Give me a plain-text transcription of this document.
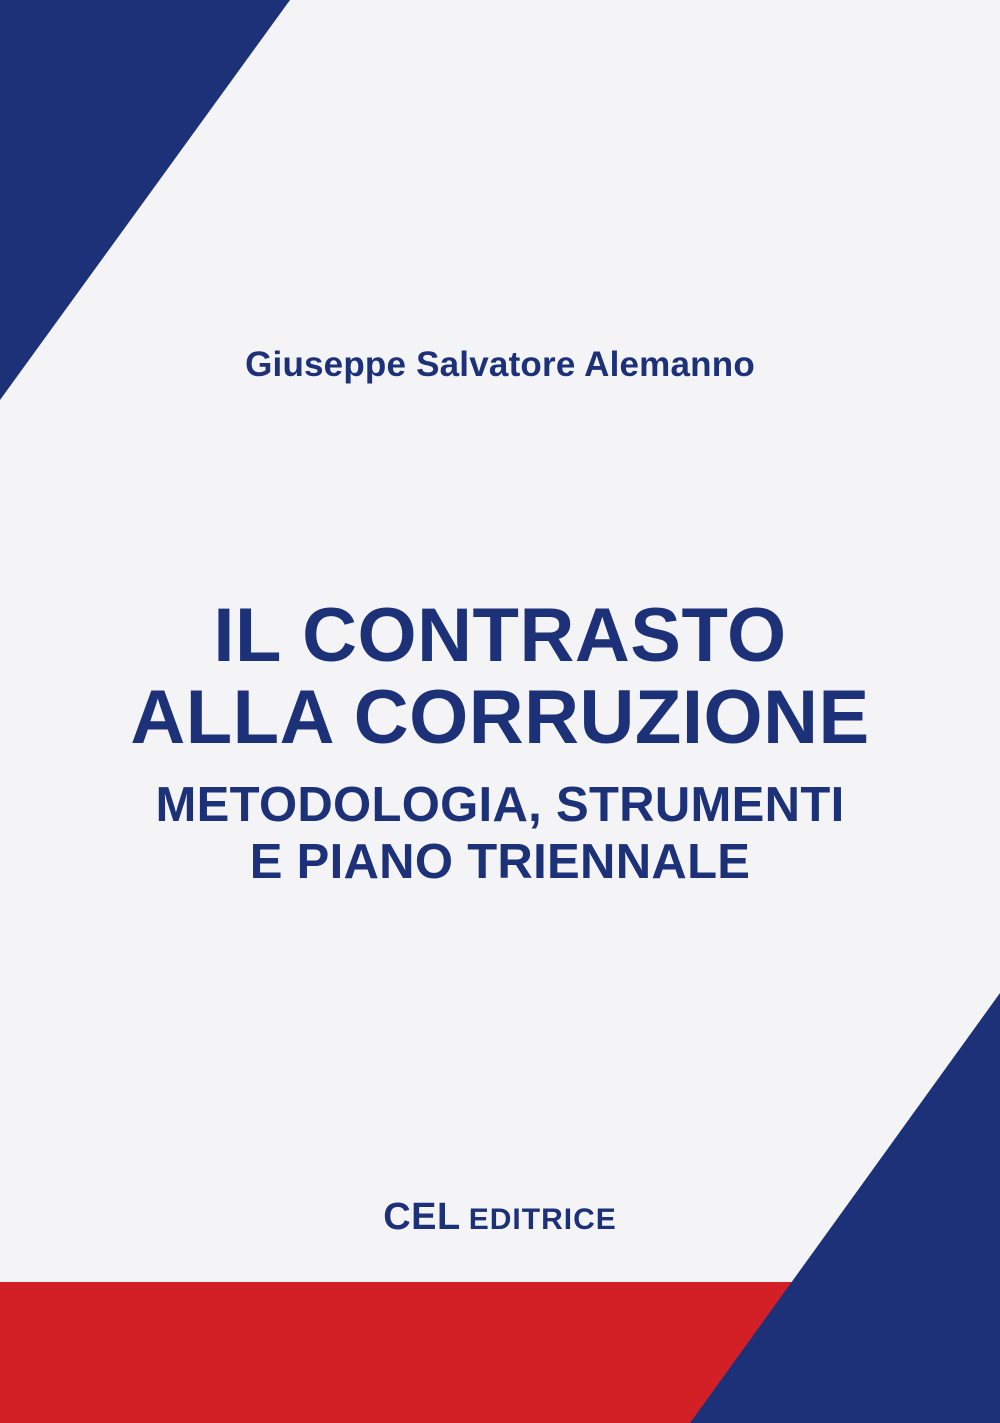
Giuseppe Salvatore Alemanno
IL CONTRASTO
ALLA CORRUZIONE
METODOLOGIA, STRUMENTI
E PIANO TRIENNALE
CEL EDITRICE
